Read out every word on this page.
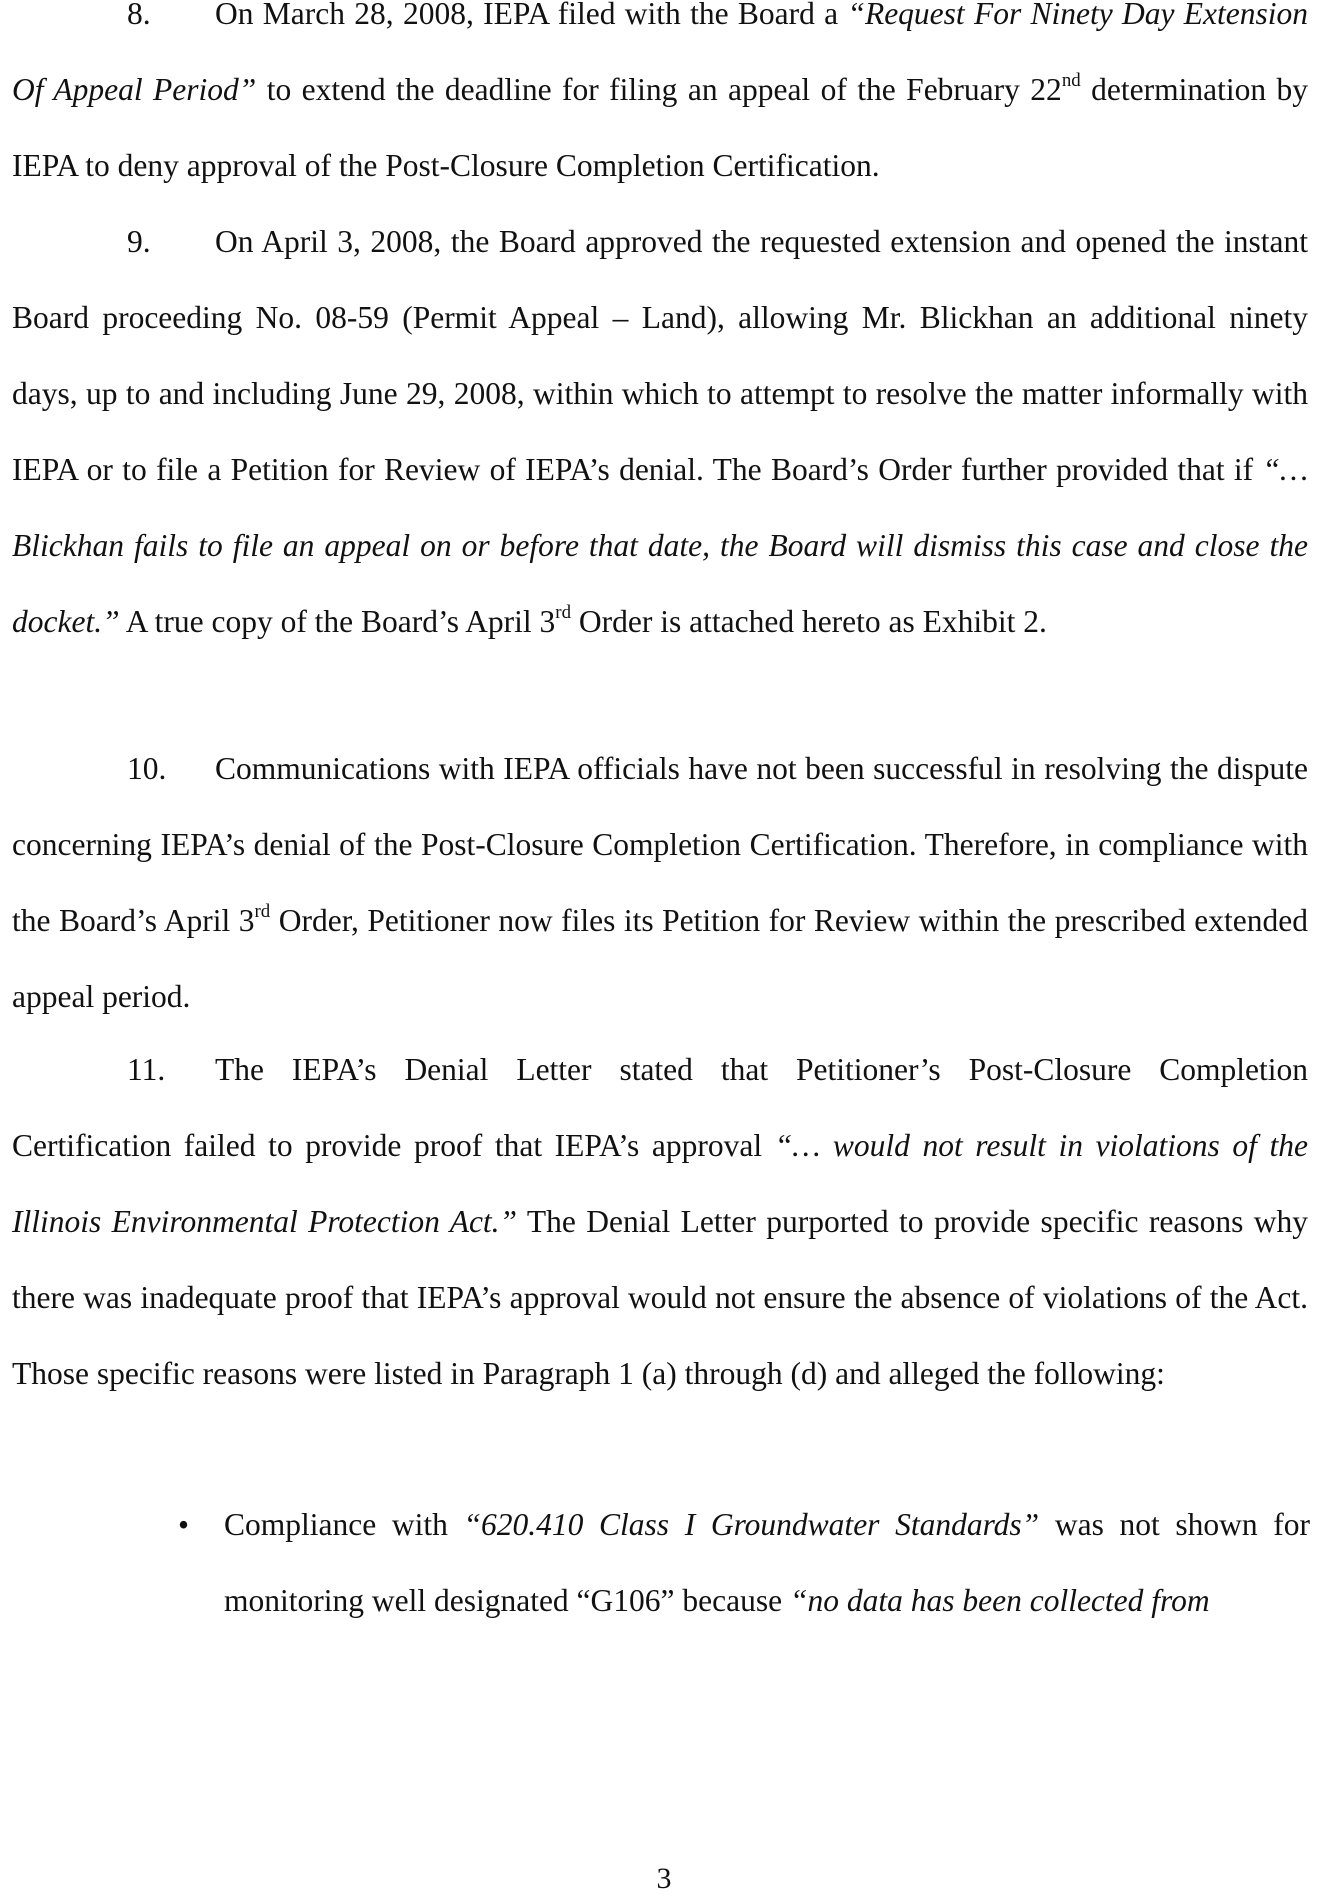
8. On March 28, 2008, IEPA filed with the Board a “Request For Ninety Day Extension Of Appeal Period” to extend the deadline for filing an appeal of the February 22nd determination by IEPA to deny approval of the Post-Closure Completion Certification.

9. On April 3, 2008, the Board approved the requested extension and opened the instant Board proceeding No. 08-59 (Permit Appeal – Land), allowing Mr. Blickhan an additional ninety days, up to and including June 29, 2008, within which to attempt to resolve the matter informally with IEPA or to file a Petition for Review of IEPA’s denial. The Board’s Order further provided that if “… Blickhan fails to file an appeal on or before that date, the Board will dismiss this case and close the docket.” A true copy of the Board’s April 3rd Order is attached hereto as Exhibit 2.

10. Communications with IEPA officials have not been successful in resolving the dispute concerning IEPA’s denial of the Post-Closure Completion Certification. Therefore, in compliance with the Board’s April 3rd Order, Petitioner now files its Petition for Review within the prescribed extended appeal period.

11. The IEPA’s Denial Letter stated that Petitioner’s Post-Closure Completion Certification failed to provide proof that IEPA’s approval “… would not result in violations of the Illinois Environmental Protection Act.” The Denial Letter purported to provide specific reasons why there was inadequate proof that IEPA’s approval would not ensure the absence of violations of the Act. Those specific reasons were listed in Paragraph 1 (a) through (d) and alleged the following:

• Compliance with “620.410 Class I Groundwater Standards” was not shown for monitoring well designated “G106” because “no data has been collected from

3
